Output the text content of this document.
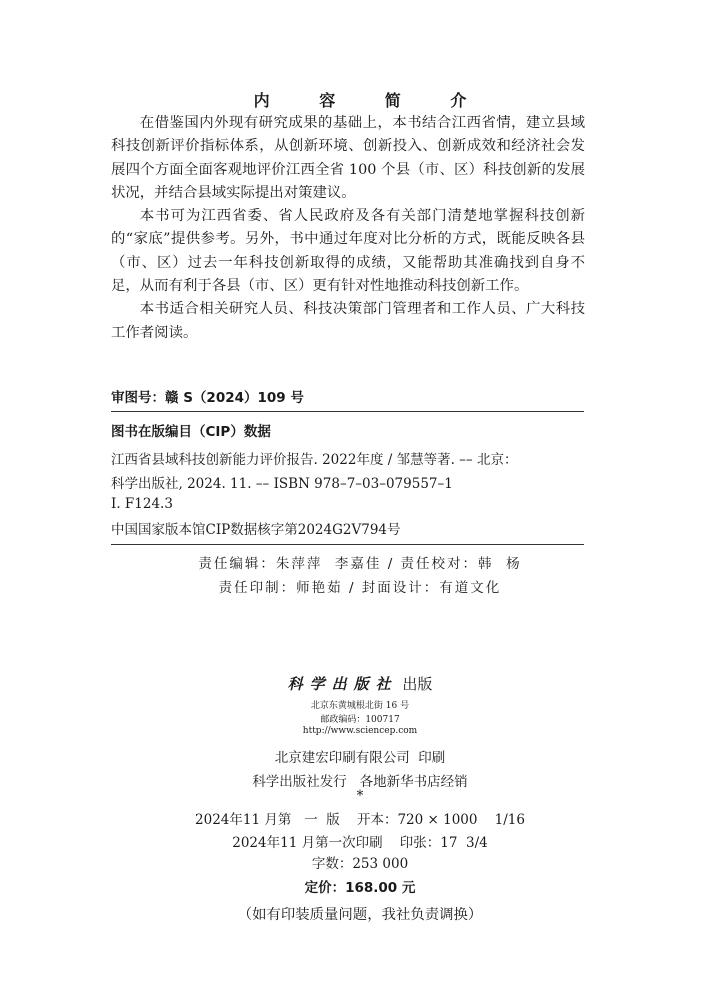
内 容 简 介

在借鉴国内外现有研究成果的基础上，本书结合江西省情，建立县域科技创新评价指标体系，从创新环境、创新投入、创新成效和经济社会发展四个方面全面客观地评价江西全省 100 个县（市、区）科技创新的发展状况，并结合县域实际提出对策建议。

本书可为江西省委、省人民政府及各有关部门清楚地掌握科技创新的“家底”提供参考。另外，书中通过年度对比分析的方式，既能反映各县（市、区）过去一年科技创新取得的成绩，又能帮助其准确找到自身不足，从而有利于各县（市、区）更有针对性地推动科技创新工作。

本书适合相关研究人员、科技决策部门管理者和工作人员、广大科技工作者阅读。

审图号：赣 S（2024）109 号
图书在版编目（CIP）数据
江西省县域科技创新能力评价报告. 2022年度 / 邹慧等著. –– 北京：
科学出版社, 2024. 11. –– ISBN 978–7–03–079557–1
Ⅰ. F124.3
中国国家版本馆CIP数据核字第2024G2V794号
责任编辑：朱萍萍  李嘉佳 / 责任校对：韩  杨
责任印制：师艳茹 / 封面设计：有道文化
科学出版社 出版
北京东黄城根北街 16 号
邮政编码：100717
http://www.sciencep.com
北京建宏印刷有限公司  印刷
科学出版社发行   各地新华书店经销
*
2024年11 月第   一  版    开本：720 × 1000    1/16
2024年11 月第一次印刷    印张：17  3/4
字数：253 000
定价：168.00 元
（如有印装质量问题，我社负责调换）
